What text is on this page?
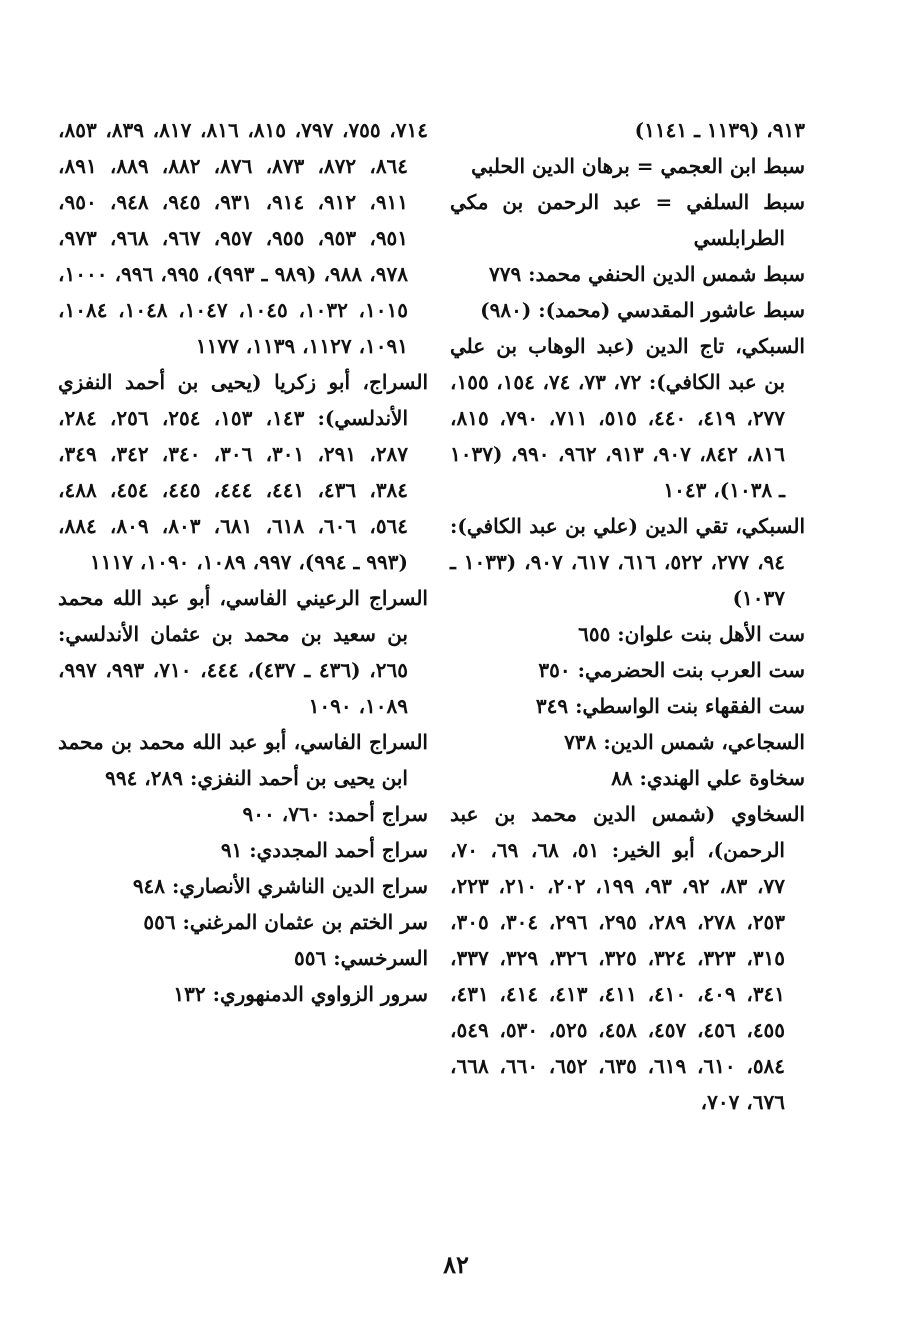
٩١٣، (١١٣٩ ـ ١١٤١)

سبط ابن العجمي = برهان الدين الحلبي

سبط السلفي = عبد الرحمن بن مكي الطرابلسي

سبط شمس الدين الحنفي محمد: ٧٧٩

سبط عاشور المقدسي (محمد): (٩٨٠)

السبكي، تاج الدين (عبد الوهاب بن علي بن عبد الكافي): ٧٢، ٧٣، ٧٤، ١٥٤، ١٥٥، ٢٧٧، ٤١٩، ٤٤٠، ٥١٥، ٧١١، ٧٩٠، ٨١٥، ٨١٦، ٨٤٢، ٩٠٧، ٩١٣، ٩٦٢، ٩٩٠، (١٠٣٧ ـ ١٠٣٨)، ١٠٤٣

السبكي، تقي الدين (علي بن عبد الكافي): ٩٤، ٢٧٧، ٥٢٢، ٦١٦، ٦١٧، ٩٠٧، (١٠٣٣ ـ ١٠٣٧)

ست الأهل بنت علوان: ٦٥٥

ست العرب بنت الحضرمي: ٣٥٠

ست الفقهاء بنت الواسطي: ٣٤٩

السجاعي، شمس الدين: ٧٣٨

سخاوة علي الهندي: ٨٨

السخاوي (شمس الدين محمد بن عبد الرحمن)، أبو الخير: ٥١، ٦٨، ٦٩، ٧٠، ٧٧، ٨٣، ٩٢، ٩٣، ١٩٩، ٢٠٢، ٢١٠، ٢٢٣، ٢٥٣، ٢٧٨، ٢٨٩، ٢٩٥، ٢٩٦، ٣٠٤، ٣٠٥، ٣١٥، ٣٢٣، ٣٢٤، ٣٢٥، ٣٢٦، ٣٢٩، ٣٣٧، ٣٤١، ٤٠٩، ٤١٠، ٤١١، ٤١٣، ٤١٤، ٤٣١، ٤٥٥، ٤٥٦، ٤٥٧، ٤٥٨، ٥٢٥، ٥٣٠، ٥٤٩، ٥٨٤، ٦١٠، ٦١٩، ٦٣٥، ٦٥٢، ٦٦٠، ٦٦٨، ٦٧٦، ٧٠٧،

٧١٤، ٧٥٥، ٧٩٧، ٨١٥، ٨١٦، ٨١٧، ٨٣٩، ٨٥٣، ٨٦٤، ٨٧٢، ٨٧٣، ٨٧٦، ٨٨٢، ٨٨٩، ٨٩١، ٩١١، ٩١٢، ٩١٤، ٩٣١، ٩٤٥، ٩٤٨، ٩٥٠، ٩٥١، ٩٥٣، ٩٥٥، ٩٥٧، ٩٦٧، ٩٦٨، ٩٧٣، ٩٧٨، ٩٨٨، (٩٨٩ ـ ٩٩٣)، ٩٩٥، ٩٩٦، ١٠٠٠، ١٠١٥، ١٠٣٢، ١٠٤٥، ١٠٤٧، ١٠٤٨، ١٠٨٤، ١٠٩١، ١١٢٧، ١١٣٩، ١١٧٧

السراج، أبو زكريا (يحيى بن أحمد النفزي الأندلسي): ١٤٣، ١٥٣، ٢٥٤، ٢٥٦، ٢٨٤، ٢٨٧، ٢٩١، ٣٠١، ٣٠٦، ٣٤٠، ٣٤٢، ٣٤٩، ٣٨٤، ٤٣٦، ٤٤١، ٤٤٤، ٤٤٥، ٤٥٤، ٤٨٨، ٥٦٤، ٦٠٦، ٦١٨، ٦٨١، ٨٠٣، ٨٠٩، ٨٨٤، (٩٩٣ ـ ٩٩٤)، ٩٩٧، ١٠٨٩، ١٠٩٠، ١١١٧

السراج الرعيني الفاسي، أبو عبد الله محمد بن سعيد بن محمد بن عثمان الأندلسي: ٢٦٥، (٤٣٦ ـ ٤٣٧)، ٤٤٤، ٧١٠، ٩٩٣، ٩٩٧، ١٠٨٩، ١٠٩٠

السراج الفاسي، أبو عبد الله محمد بن محمد ابن يحيى بن أحمد النفزي: ٢٨٩، ٩٩٤

سراج أحمد: ٧٦٠، ٩٠٠

سراج أحمد المجددي: ٩١

سراج الدين الناشري الأنصاري: ٩٤٨

سر الختم بن عثمان المرغني: ٥٥٦

السرخسي: ٥٥٦

سرور الزواوي الدمنهوري: ١٣٢

٨٢
